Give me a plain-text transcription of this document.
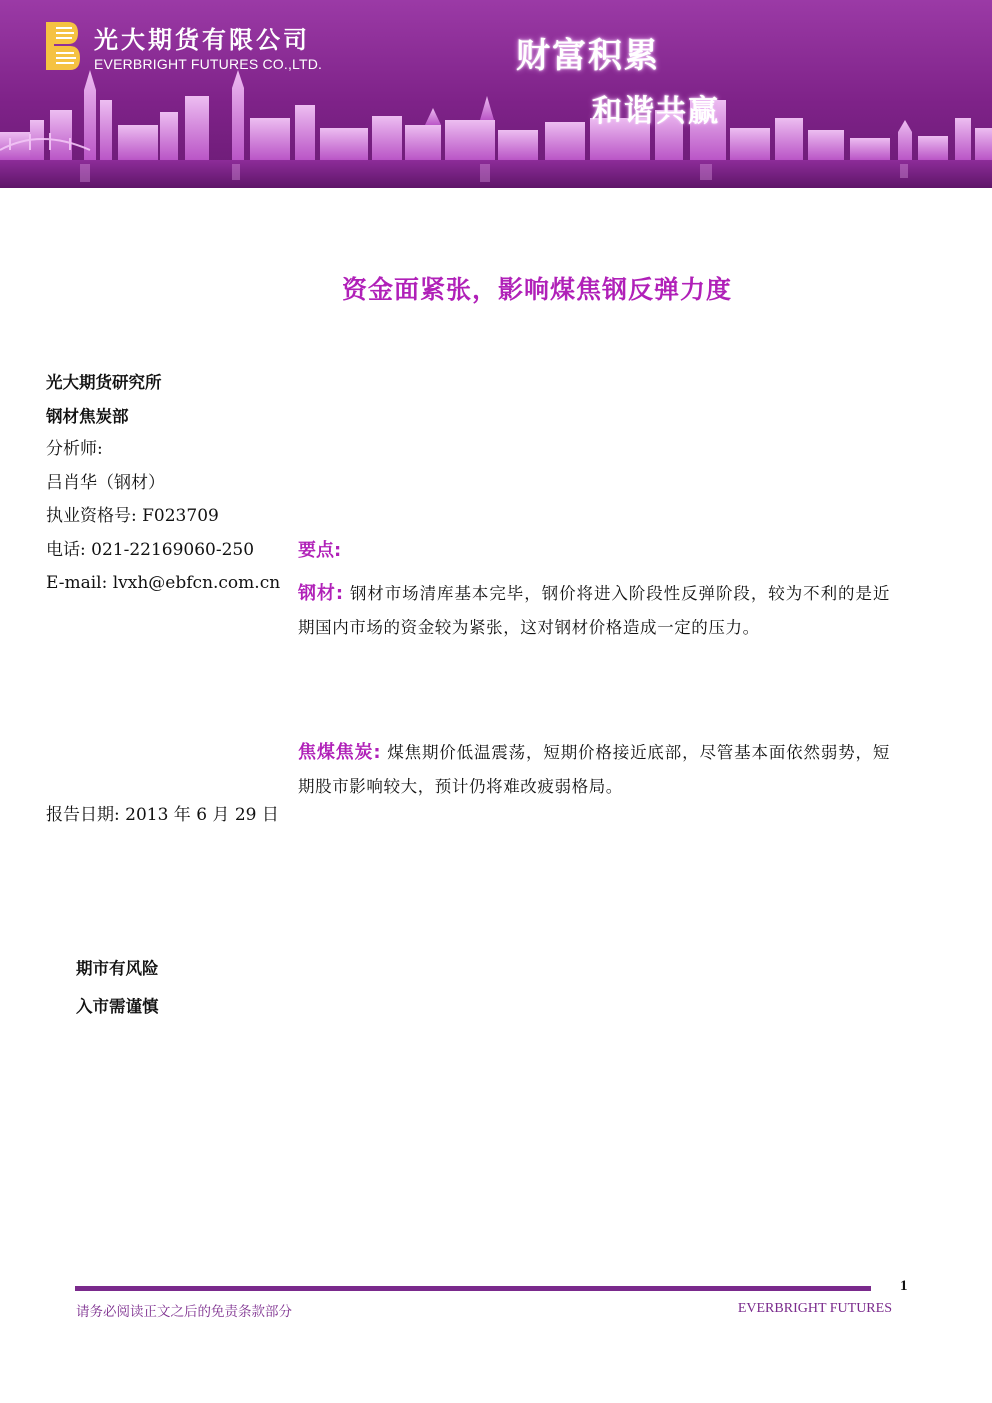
光大期货有限公司
EVERBRIGHT FUTURES CO.,LTD.	财富积累
和谐共赢
资金面紧张，影响煤焦钢反弹力度
光大期货研究所
钢材焦炭部
分析师:
吕肖华（钢材）
执业资格号: F023709
电话: 021-22169060-250
E-mail: lvxh@ebfcn.com.cn
报告日期: 2013 年 6 月 29 日
期市有风险
入市需谨慎
要点:
钢材: 钢材市场清库基本完毕，钢价将进入阶段性反弹阶段，较为不利的是近期国内市场的资金较为紧张，这对钢材价格造成一定的压力。
焦煤焦炭: 煤焦期价低温震荡，短期价格接近底部，尽管基本面依然弱势，短期股市影响较大，预计仍将难改疲弱格局。
1
请务必阅读正文之后的免责条款部分	EVERBRIGHT FUTURES
